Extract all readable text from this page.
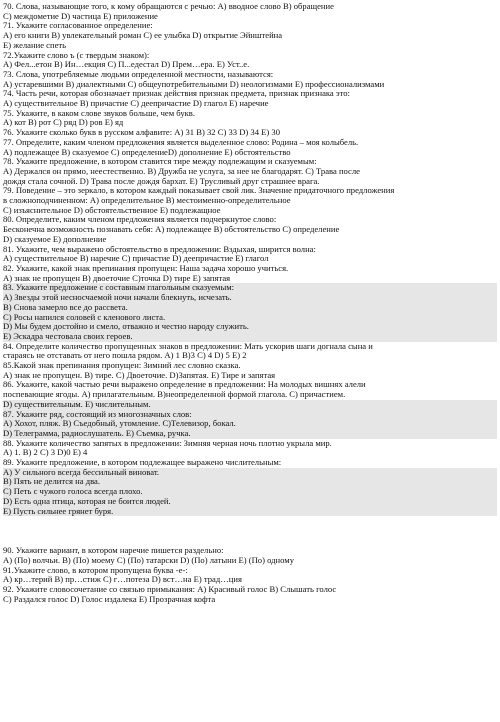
70. Слова, называющие того, к кому обращаются с речью: А) вводное слово В) обращение
С) междометие D) частица Е) приложение
71. Укажите согласованное определение:
А) его книги В) увлекательный роман С) ее улыбка D) открытие Эйнштейна
Е) желание спеть
72.Укажите слово ъ (с твердым знаком):
А) Фел...етон В) Ин…екция С) П...едестал D) Прем…ера. Е) Уст..е.
73. Слова, употребляемые людьми определенной местности, называются:
А) устаревшими В) диалектными С) общеупотребительными D) неологизмами Е) профессионализмами
74. Часть речи, которая обозначает признак действия признак предмета, признак признака это:
А) существительное В) причастие С) деепричастие D) глагол Е) наречие
75. Укажите, в каком слове звуков больше, чем букв.
А) кот В) рот С) ряд D) ров Е) яд
76. Укажите сколько букв в русском алфавите: А) 31 В) 32 С) 33 D) 34 Е) 30
77. Определите, каким членом предложения является выделенное слово: Родина – моя колыбель.
А) подлежащее В) сказуемое С) определениеD) дополнение Е) обстоятельство
78. Укажите предложение, в котором ставится тире между подлежащим и сказуемым:
А) Держался он прямо, неестественно. В) Дружба не услуга, за нее не благодарят. С) Трава после
дождя стала сочной. D) Трава после дождя бархат. Е) Трусливый друг страшнее врага.
79. Поведение – это зеркало, в котором каждый показывает свой лик. Значение придаточного предложения
в сложноподчиненном: А) определительное В) местоименно-определительное
С) изъяснительное D) обстоятельственное Е) подлежащное
80. Определите, каким членом предложения является подчеркнутое слово:
Бесконечна возможность познавать себя: А) подлежащее В) обстоятельство С) определение
D) сказуемое Е) дополнение
81. Укажите, чем выражено обстоятельство в предложении: Вздыхая, ширится волна:
А) существительное В) наречие С) причастие D) деепричастие Е) глагол
82. Укажите, какой знак препинания пропущен: Наша задача хорошо учиться.
А) знак не пропущен В) двоеточие С)точка D) тире Е) запятая
83. Укажите предложение с составным глагольным сказуемым:
А) Звезды этой несносчаемой ночи начали блекнуть, исчезать.
В) Снова замерло все до рассвета.
С) Росы напился соловей с кленового листа.
D) Мы будем достойно и смело, отважно и честно народу служить.
Е) Эскадра честовала своих героев.
84. Определите количество пропущенных знаков в предложении: Мать ускорив шаги догнала сына и
стараясь не отставать от него пошла рядом. А) 1 В)3 С) 4 D) 5 Е) 2
85.Какой знак препинания пропущен: Зимний лес словно сказка.
А) знак не пропущен. В) тире. С) Двоеточие. D)Запятая. Е) Тире и запятая
86. Укажите, какой частью речи выражено определение в предложении: На молодых вишнях алели
поспевающие ягоды. А) прилагательным. В)неопределенной формой глагола. С) причастием.
D) существительным. Е) числительным.
87. Укажите ряд, состоящий из многозначных слов:
А) Хохот, пляж. В) Съедобный, утомление. С)Телевизор, бокал.
D) Телеграмма, радиослушатель. Е) Съемка, ручка.
88. Укажите количество запятых в предложении: Зимняя черная ночь плотно укрыла мир.
А) 1. В) 2 С) 3 D)0 Е) 4
89. Укажите предложение, в котором подлежащее выражено числительным:
А) У сильного всегда бессильный виноват.
В) Пять не делится на два.
С) Петь с чужого голоса всегда плохо.
D) Есть одна птица, которая не боится людей.
Е) Пусть сильнее грянет буря.
90. Укажите вариант, в котором наречие пишется раздельно:
А) (По) волчьи. В) (По) моему С) (По) татарски D) (По) латыни Е) (По) одному
91.Укажите слово, в котором пропущена буква -е-:
А) кр…терий В) пр…стиж С) г…потеза D) вст…на Е) трад…ция
92. Укажите словосочетание со связью примыкания: А) Красивый голос В) Слышать голос
С) Раздался голос D) Голос издалека Е) Прозрачная кофта
